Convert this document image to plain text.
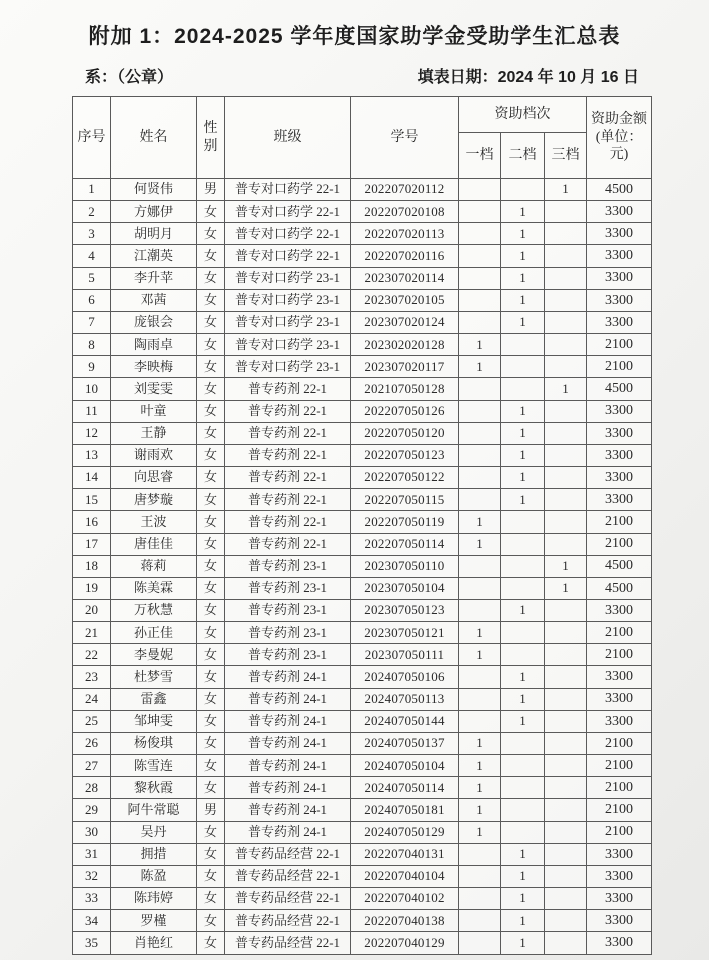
附加 1：2024-2025 学年度国家助学金受助学生汇总表
系：（公章）	填表日期：2024 年 10 月 16 日
序号	姓名	性别	班级	学号	资助档次			资助金额(单位：元)
					一档	二档	三档	
1	何贤伟	男	普专对口药学 22-1	202207020112			1	4500
2	方娜伊	女	普专对口药学 22-1	202207020108		1		3300
3	胡明月	女	普专对口药学 22-1	202207020113		1		3300
4	江潮英	女	普专对口药学 22-1	202207020116		1		3300
5	李升苹	女	普专对口药学 23-1	202307020114		1		3300
6	邓茜	女	普专对口药学 23-1	202307020105		1		3300
7	庞银会	女	普专对口药学 23-1	202307020124		1		3300
8	陶雨卓	女	普专对口药学 23-1	202302020128	1			2100
9	李映梅	女	普专对口药学 23-1	202307020117	1			2100
10	刘雯雯	女	普专药剂 22-1	202107050128			1	4500
11	叶童	女	普专药剂 22-1	202207050126		1		3300
12	王静	女	普专药剂 22-1	202207050120		1		3300
13	谢雨欢	女	普专药剂 22-1	202207050123		1		3300
14	向思睿	女	普专药剂 22-1	202207050122		1		3300
15	唐梦璇	女	普专药剂 22-1	202207050115		1		3300
16	王波	女	普专药剂 22-1	202207050119	1			2100
17	唐佳佳	女	普专药剂 22-1	202207050114	1			2100
18	蒋莉	女	普专药剂 23-1	202307050110			1	4500
19	陈美霖	女	普专药剂 23-1	202307050104			1	4500
20	万秋慧	女	普专药剂 23-1	202307050123		1		3300
21	孙正佳	女	普专药剂 23-1	202307050121	1			2100
22	李曼妮	女	普专药剂 23-1	202307050111	1			2100
23	杜梦雪	女	普专药剂 24-1	202407050106		1		3300
24	雷鑫	女	普专药剂 24-1	202407050113		1		3300
25	邹坤雯	女	普专药剂 24-1	202407050144		1		3300
26	杨俊琪	女	普专药剂 24-1	202407050137	1			2100
27	陈雪连	女	普专药剂 24-1	202407050104	1			2100
28	黎秋霞	女	普专药剂 24-1	202407050114	1			2100
29	阿牛常聪	男	普专药剂 24-1	202407050181	1			2100
30	吴丹	女	普专药剂 24-1	202407050129	1			2100
31	拥措	女	普专药品经营 22-1	202207040131		1		3300
32	陈盈	女	普专药品经营 22-1	202207040104		1		3300
33	陈玮婷	女	普专药品经营 22-1	202207040102		1		3300
34	罗槿	女	普专药品经营 22-1	202207040138		1		3300
35	肖艳红	女	普专药品经营 22-1	202207040129		1		3300
